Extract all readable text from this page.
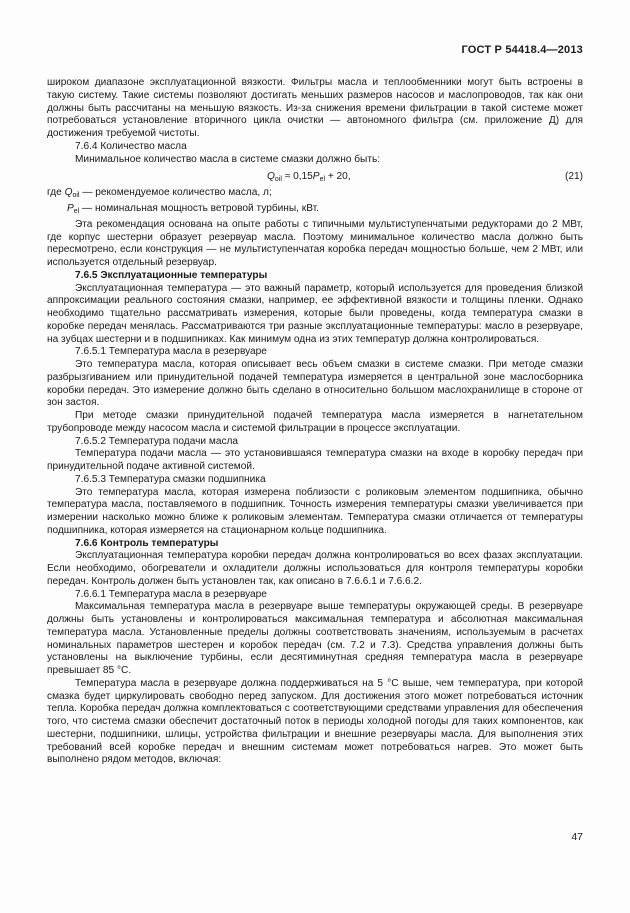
ГОСТ Р 54418.4—2013

широком диапазоне эксплуатационной вязкости. Фильтры масла и теплообменники могут быть встроены в такую систему. Такие системы позволяют достигать меньших размеров насосов и маслопроводов, так как они должны быть рассчитаны на меньшую вязкость. Из-за снижения времени фильтрации в такой системе может потребоваться установление вторичного цикла очистки — автономного фильтра (см. приложение Д) для достижения требуемой чистоты.

7.6.4 Количество масла

Минимальное количество масла в системе смазки должно быть:

$Q_{oil} \approx 0,15P_{el} + 20$,	(21)
где $Q_{oil}$ — рекомендуемое количество масла, л;
$P_{el}$ — номинальная мощность ветровой турбины, кВт.

Эта рекомендация основана на опыте работы с типичными мультиступенчатыми редукторами до 2 МВт, где корпус шестерни образует резервуар масла. Поэтому минимальное количество масла должно быть пересмотрено, если конструкция — не мультиступенчатая коробка передач мощностью больше, чем 2 МВт, или используется отдельный резервуар.

7.6.5 Эксплуатационные температуры

Эксплуатационная температура — это важный параметр, который используется для проведения близкой аппроксимации реального состояния смазки, например, ее эффективной вязкости и толщины пленки. Однако необходимо тщательно рассматривать измерения, которые были проведены, когда температура смазки в коробке передач менялась. Рассматриваются три разные эксплуатационные температуры: масло в резервуаре, на зубцах шестерни и в подшипниках. Как минимум одна из этих температур должна контролироваться.

7.6.5.1 Температура масла в резервуаре

Это температура масла, которая описывает весь объем смазки в системе смазки. При методе смазки разбрызгиванием или принудительной подачей температура измеряется в центральной зоне маслосборника коробки передач. Это измерение должно быть сделано в относительно большом маслохранилище в стороне от зон застоя.

При методе смазки принудительной подачей температура масла измеряется в нагнетательном трубопроводе между насосом масла и системой фильтрации в процессе эксплуатации.

7.6.5.2 Температура подачи масла

Температура подачи масла — это установившаяся температура смазки на входе в коробку передач при принудительной подаче активной системой.

7.6.5.3 Температура смазки подшипника

Это температура масла, которая измерена поблизости с роликовым элементом подшипника, обычно температура масла, поставляемого в подшипник. Точность измерения температуры смазки увеличивается при измерении насколько можно ближе к роликовым элементам. Температура смазки отличается от температуры подшипника, которая измеряется на стационарном кольце подшипника.

7.6.6 Контроль температуры

Эксплуатационная температура коробки передач должна контролироваться во всех фазах эксплуатации. Если необходимо, обогреватели и охладители должны использоваться для контроля температуры коробки передач. Контроль должен быть установлен так, как описано в 7.6.6.1 и 7.6.6.2.

7.6.6.1 Температура масла в резервуаре

Максимальная температура масла в резервуаре выше температуры окружающей среды. В резервуаре должны быть установлены и контролироваться максимальная температура и абсолютная максимальная температура масла. Установленные пределы должны соответствовать значениям, используемым в расчетах номинальных параметров шестерен и коробок передач (см. 7.2 и 7.3). Средства управления должны быть установлены на выключение турбины, если десятиминутная средняя температура масла в резервуаре превышает 85 °С.

Температура масла в резервуаре должна поддерживаться на 5 °С выше, чем температура, при которой смазка будет циркулировать свободно перед запуском. Для достижения этого может потребоваться источник тепла. Коробка передач должна комплектоваться с соответствующими средствами управления для обеспечения того, что система смазки обеспечит достаточный поток в периоды холодной погоды для таких компонентов, как шестерни, подшипники, шлицы, устройства фильтрации и внешние резервуары масла. Для выполнения этих требований всей коробке передач и внешним системам может потребоваться нагрев. Это может быть выполнено рядом методов, включая:

47
